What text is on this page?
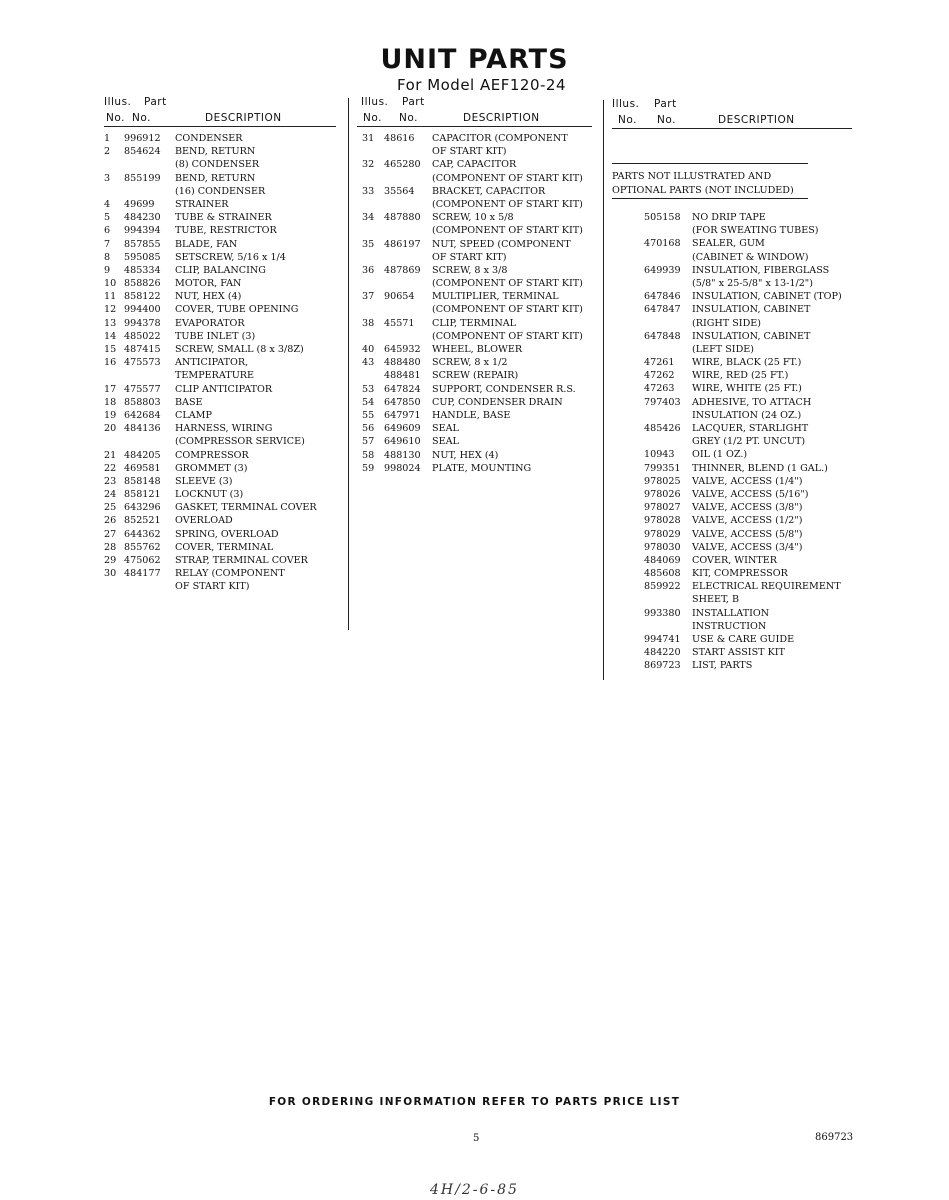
UNIT PARTS
For Model AEF120-24
Illus. Part
No. No.	DESCRIPTION
1 996912 CONDENSER
2 854624 BEND, RETURN
(8) CONDENSER
3 855199 BEND, RETURN
(16) CONDENSER
4 49699 STRAINER
5 484230 TUBE & STRAINER
6 994394 TUBE, RESTRICTOR
7 857855 BLADE, FAN
8 595085 SETSCREW, 5/16 x 1/4
9 485334 CLIP, BALANCING
10 858826 MOTOR, FAN
11 858122 NUT, HEX (4)
12 994400 COVER, TUBE OPENING
13 994378 EVAPORATOR
14 485022 TUBE INLET (3)
15 487415 SCREW, SMALL (8 x 3/8Z)
16 475573 ANTICIPATOR,
TEMPERATURE
17 475577 CLIP ANTICIPATOR
18 858803 BASE
19 642684 CLAMP
20 484136 HARNESS, WIRING
(COMPRESSOR SERVICE)
21 484205 COMPRESSOR
22 469581 GROMMET (3)
23 858148 SLEEVE (3)
24 858121 LOCKNUT (3)
25 643296 GASKET, TERMINAL COVER
26 852521 OVERLOAD
27 644362 SPRING, OVERLOAD
28 855762 COVER, TERMINAL
29 475062 STRAP, TERMINAL COVER
30 484177 RELAY (COMPONENT
OF START KIT)
Illus. Part
No. No.	DESCRIPTION
31 48616 CAPACITOR (COMPONENT
OF START KIT)
32 465280 CAP, CAPACITOR
(COMPONENT OF START KIT)
33 35564 BRACKET, CAPACITOR
(COMPONENT OF START KIT)
34 487880 SCREW, 10 x 5/8
(COMPONENT OF START KIT)
35 486197 NUT, SPEED (COMPONENT
OF START KIT)
36 487869 SCREW, 8 x 3/8
(COMPONENT OF START KIT)
37 90654 MULTIPLIER, TERMINAL
(COMPONENT OF START KIT)
38 45571 CLIP, TERMINAL
(COMPONENT OF START KIT)
40 645932 WHEEL, BLOWER
43 488480 SCREW, 8 x 1/2
488481 SCREW (REPAIR)
53 647824 SUPPORT, CONDENSER R.S.
54 647850 CUP, CONDENSER DRAIN
55 647971 HANDLE, BASE
56 649609 SEAL
57 649610 SEAL
58 488130 NUT, HEX (4)
59 998024 PLATE, MOUNTING
Illus. Part
No. No.	DESCRIPTION
PARTS NOT ILLUSTRATED AND
OPTIONAL PARTS (NOT INCLUDED)
505158 NO DRIP TAPE
(FOR SWEATING TUBES)
470168 SEALER, GUM
(CABINET & WINDOW)
649939 INSULATION, FIBERGLASS
(5/8" x 25-5/8" x 13-1/2")
647846 INSULATION, CABINET (TOP)
647847 INSULATION, CABINET
(RIGHT SIDE)
647848 INSULATION, CABINET
(LEFT SIDE)
47261 WIRE, BLACK (25 FT.)
47262 WIRE, RED (25 FT.)
47263 WIRE, WHITE (25 FT.)
797403 ADHESIVE, TO ATTACH
INSULATION (24 OZ.)
485426 LACQUER, STARLIGHT
GREY (1/2 PT. UNCUT)
10943 OIL (1 OZ.)
799351 THINNER, BLEND (1 GAL.)
978025 VALVE, ACCESS (1/4")
978026 VALVE, ACCESS (5/16")
978027 VALVE, ACCESS (3/8")
978028 VALVE, ACCESS (1/2")
978029 VALVE, ACCESS (5/8")
978030 VALVE, ACCESS (3/4")
484069 COVER, WINTER
485608 KIT, COMPRESSOR
859922 ELECTRICAL REQUIREMENT
SHEET, B
993380 INSTALLATION
INSTRUCTION
994741 USE & CARE GUIDE
484220 START ASSIST KIT
869723 LIST, PARTS
FOR ORDERING INFORMATION REFER TO PARTS PRICE LIST
5	869723
4H/2-6-85
